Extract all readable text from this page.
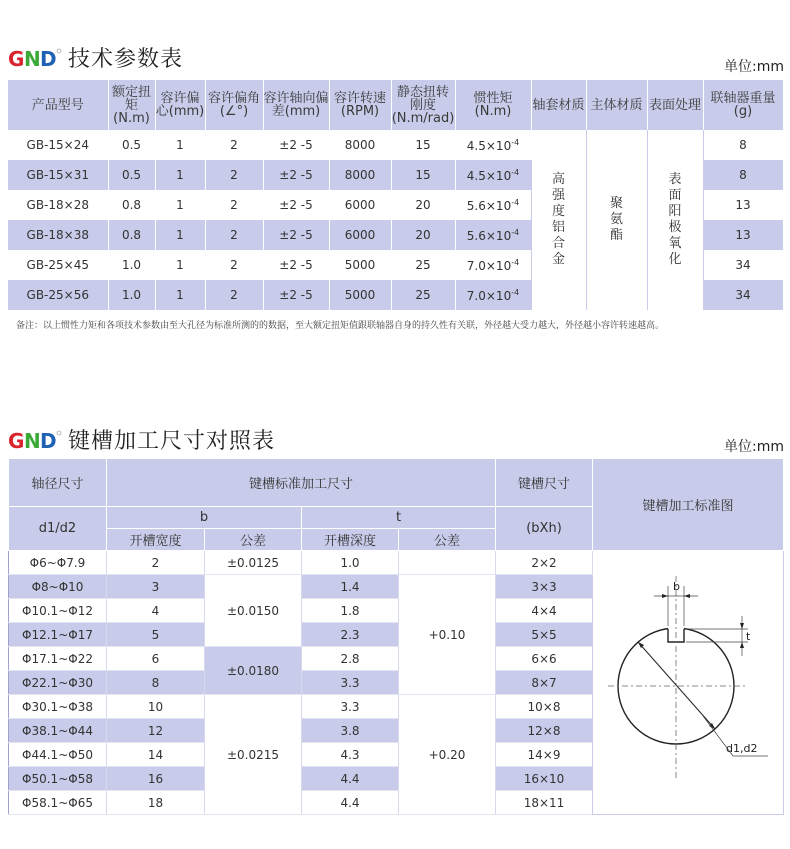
G N D 技术参数表	单位:mm
产品型号	额定扭矩(N.m)	容许偏心(mm)	容许偏角(∠°)	容许轴向偏差(mm)	容许转速(RPM)	静态扭转刚度(N.m/rad)	惯性矩(N.m)	轴套材质	主体材质	表面处理	联轴器重量(g)
GB-15×24	0.5	1	2	±2 -5	8000	15	$4.5\times 10^{-4}$	高强度铝合金	聚氨酯	表面阳极氧化	8
GB-15×31	0.5	1	2	±2 -5	8000	15	$4.5\times 10^{-4}$				8
GB-18×28	0.8	1	2	±2 -5	6000	20	$5.6\times 10^{-4}$				13
GB-18×38	0.8	1	2	±2 -5	6000	20	$5.6\times 10^{-4}$				13
GB-25×45	1.0	1	2	±2 -5	5000	25	$7.0\times 10^{-4}$				34
GB-25×56	1.0	1	2	±2 -5	5000	25	$7.0\times 10^{-4}$				34
备注：以上惯性力矩和各项技术参数由至大孔径为标准所测的的数据，至大额定扭矩值跟联轴器自身的持久性有关联，外径越大受力越大，外径越小容许转速越高。
G N D 键槽加工尺寸对照表	单位:mm
轴径尺寸	键槽标准加工尺寸				键槽尺寸	键槽加工标准图
d1/d2	b		t		(bXh)	
	开槽宽度	公差	开槽深度	公差		
Φ6~Φ7.9	2	±0.0125	1.0		2×2	b
t
d1,d2

Φ8~Φ10	3	±0.0150	1.4	+0.10	3×3	
Φ10.1~Φ12	4		1.8		4×4	
Φ12.1~Φ17	5		2.3		5×5	
Φ17.1~Φ22	6	±0.0180	2.8		6×6	
Φ22.1~Φ30	8		3.3		8×7	
Φ30.1~Φ38	10	±0.0215	3.3	+0.20	10×8	
Φ38.1~Φ44	12		3.8		12×8	
Φ44.1~Φ50	14		4.3		14×9	
Φ50.1~Φ58	16		4.4		16×10	
Φ58.1~Φ65	18		4.4		18×11	
